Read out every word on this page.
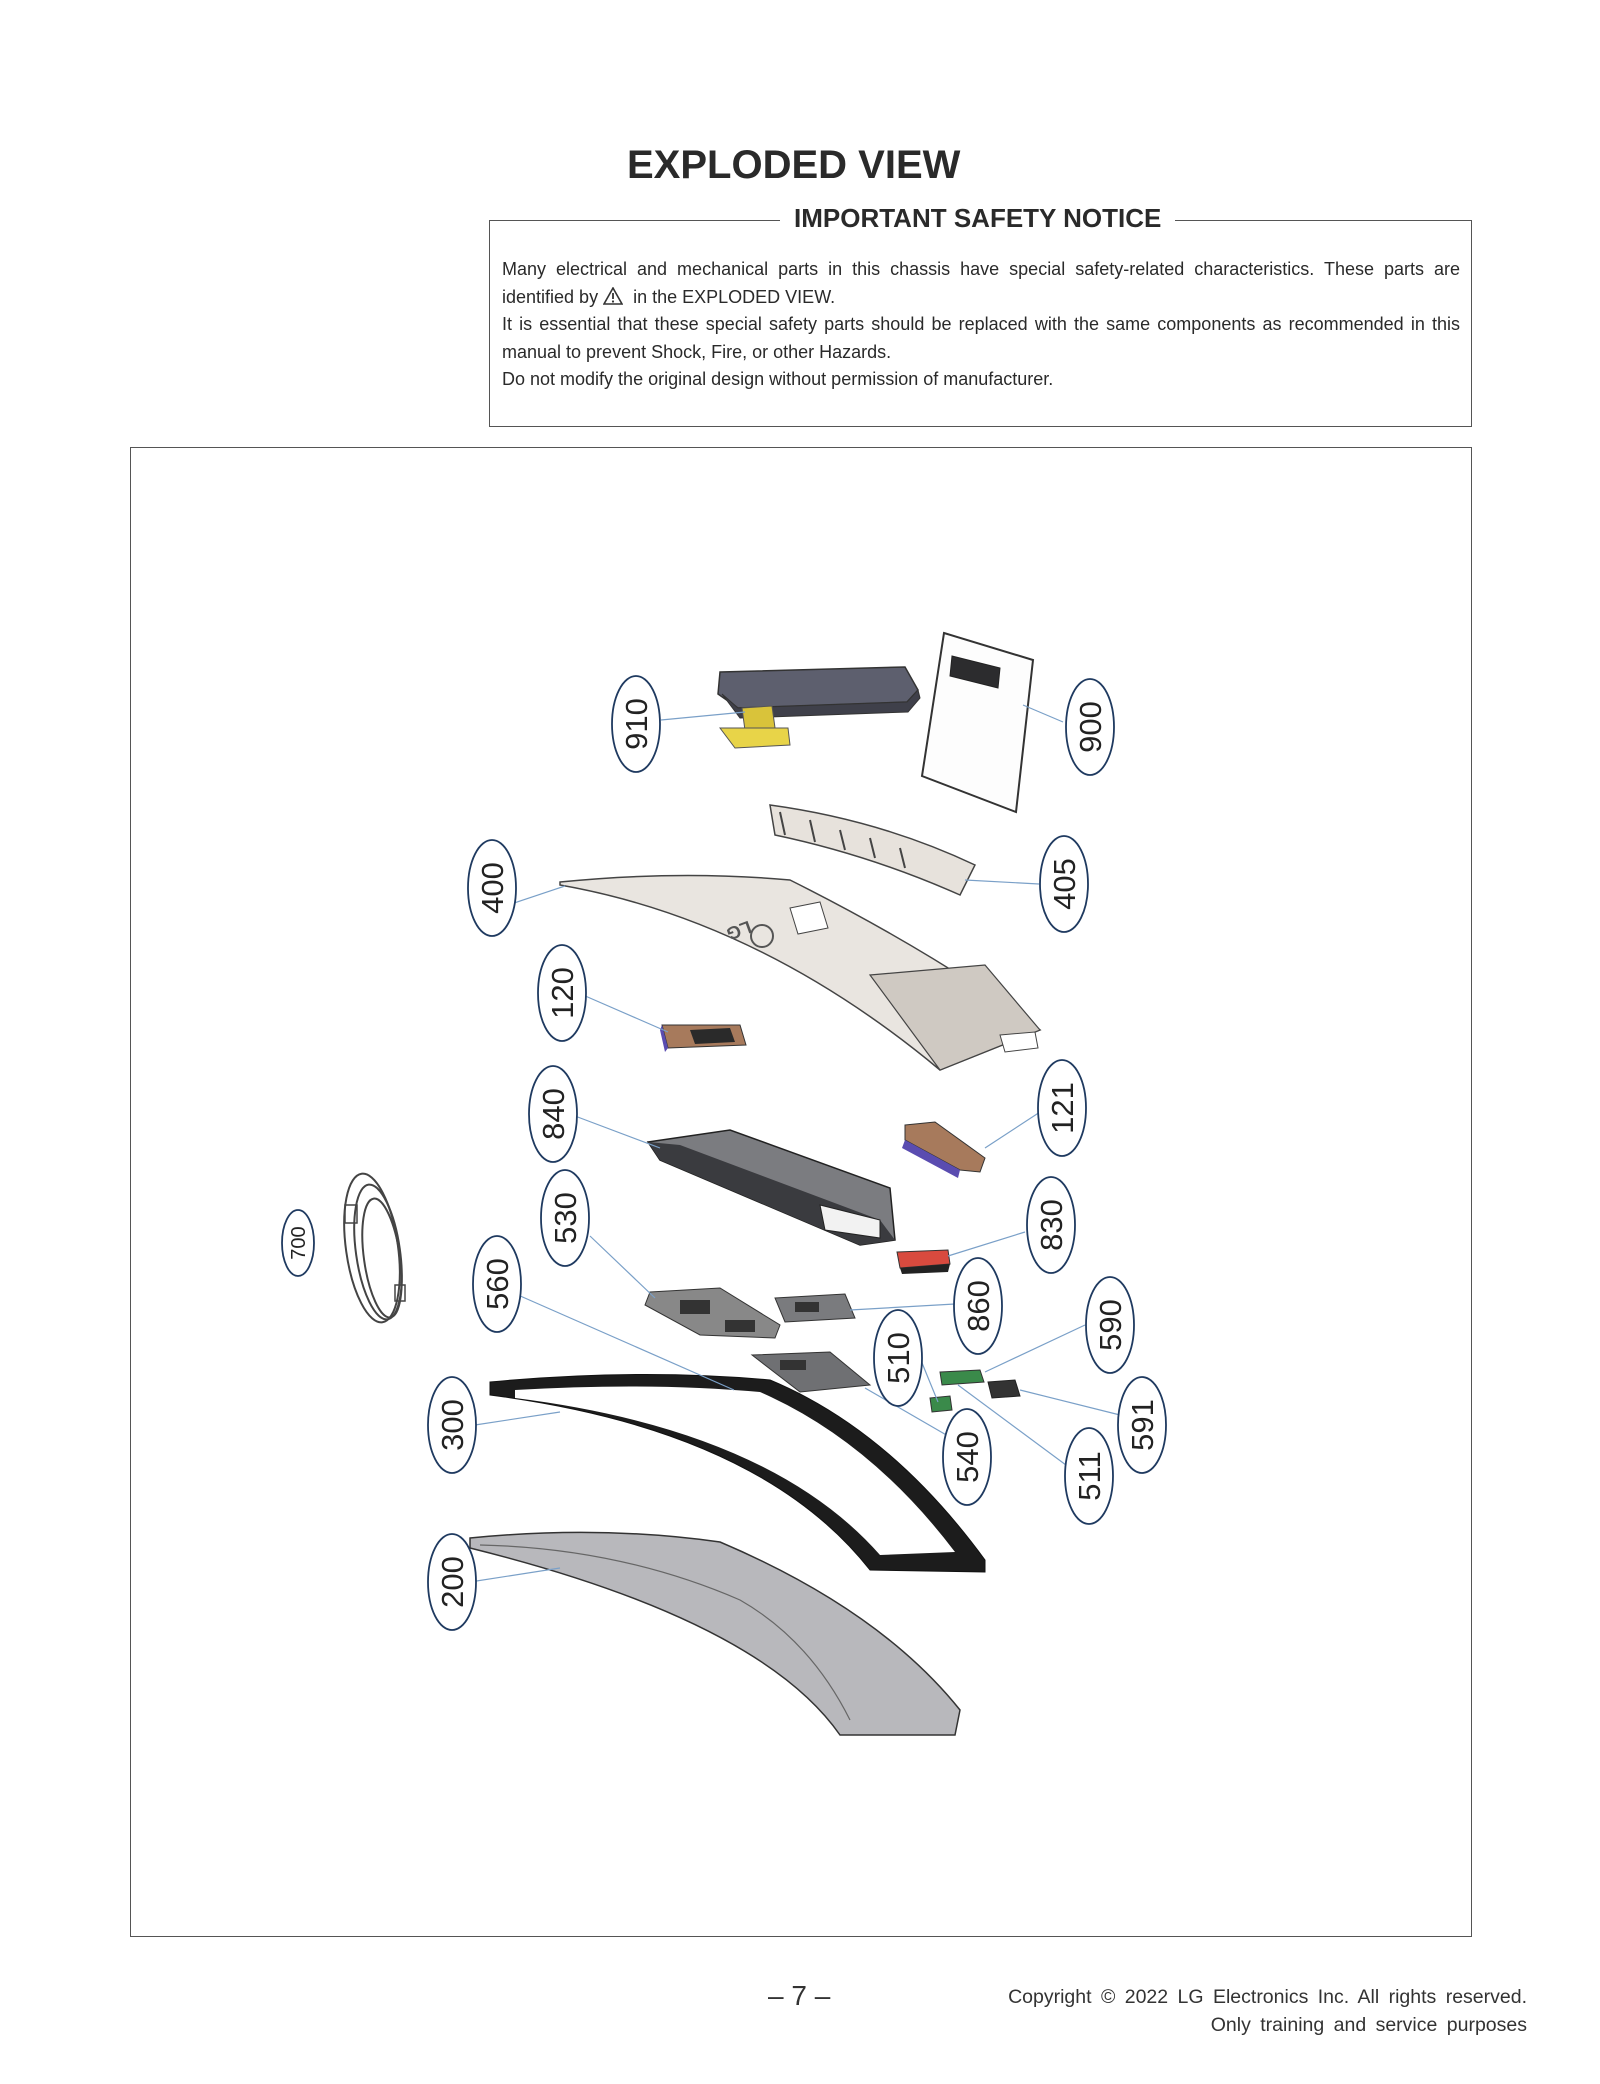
EXPLODED VIEW
IMPORTANT SAFETY NOTICE

Many electrical and mechanical parts in this chassis have special safety-related characteristics. These parts are identified by in the EXPLODED VIEW.

It is essential that these special safety parts should be replaced with the same components as recommended in this manual to prevent Shock, Fire, or other Hazards.

Do not modify the original design without permission of manufacturer.

LG
910	900
400	405
120
840	121
830
700	530
560	860	590
510
591
300
540	511
200
– 7 –	Copyright © 2022 LG Electronics Inc. All rights reserved.
Only training and service purposes
